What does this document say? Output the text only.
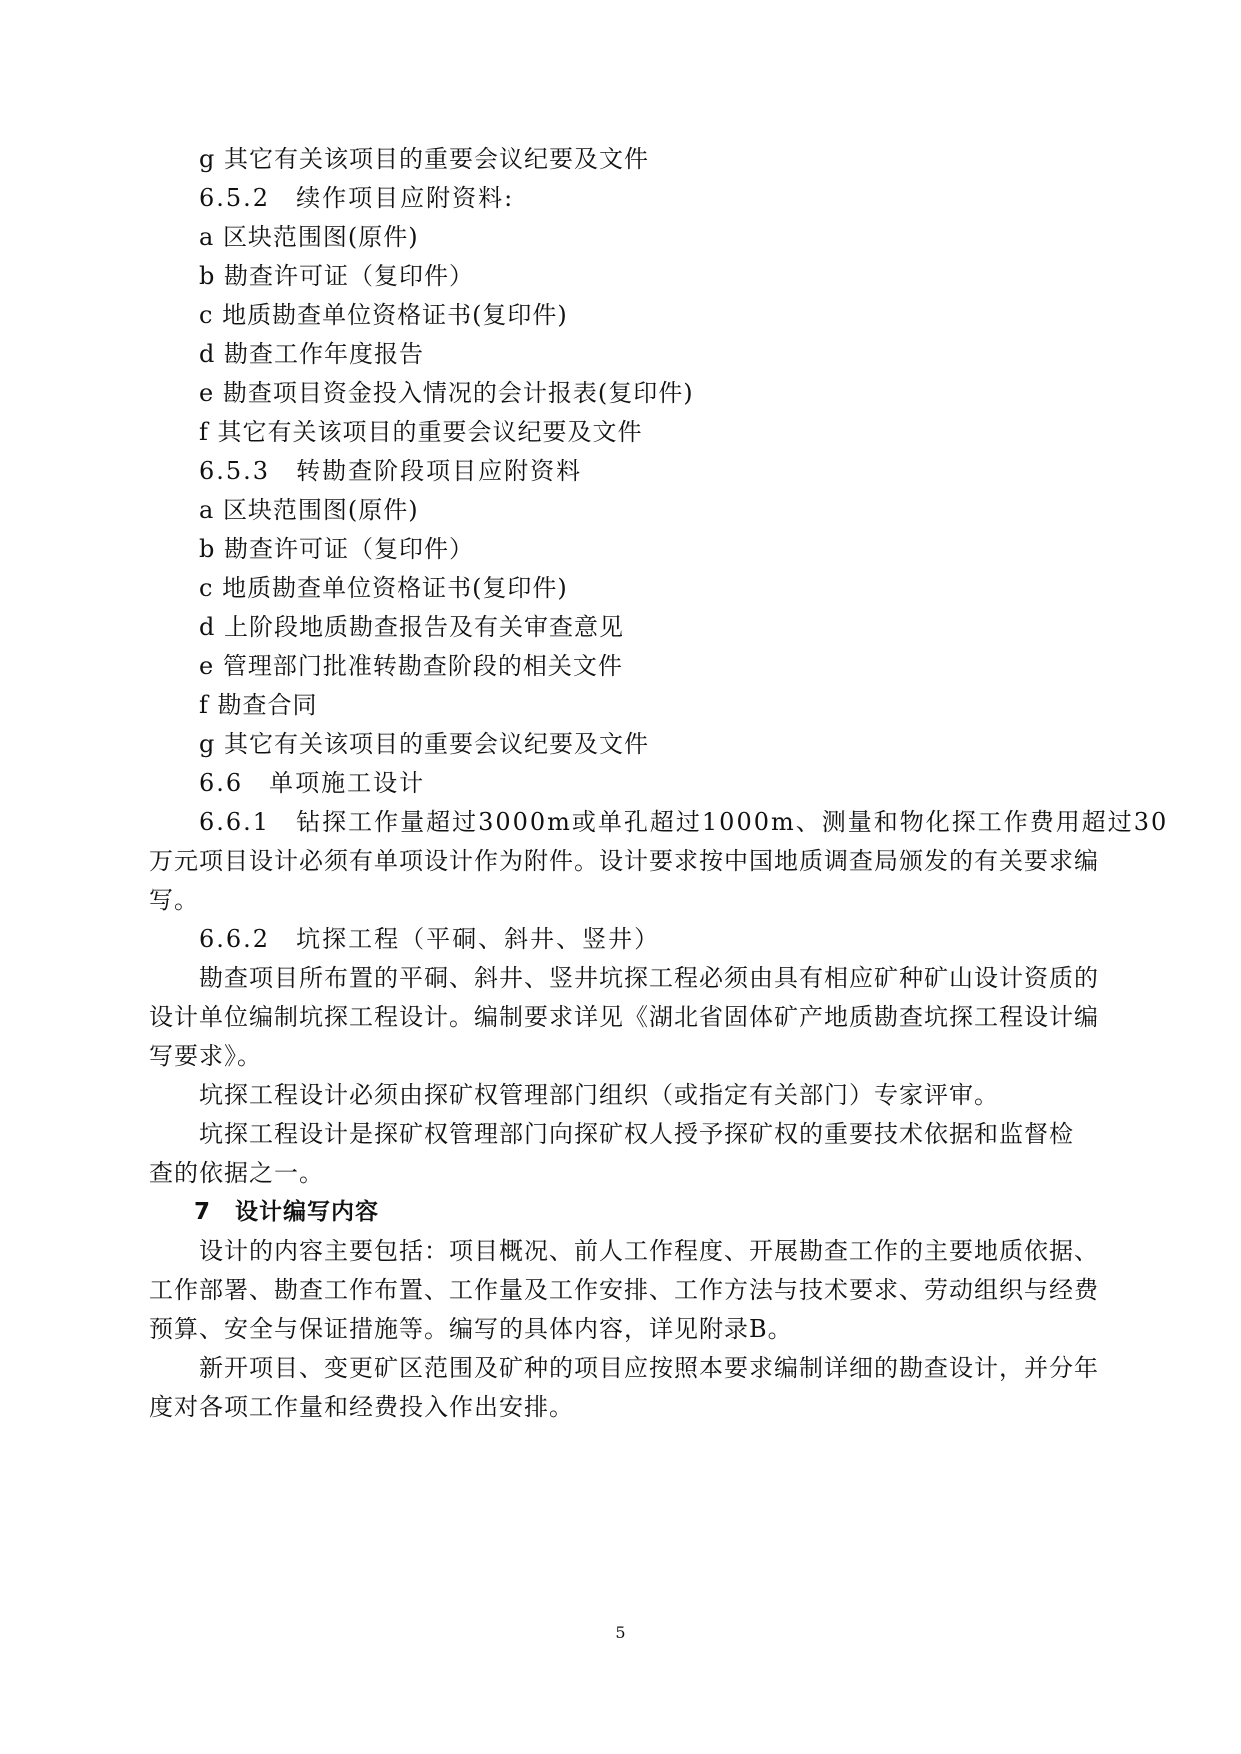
g 其它有关该项目的重要会议纪要及文件
6.5.2　续作项目应附资料:
a 区块范围图(原件)
b 勘查许可证（复印件）
c 地质勘查单位资格证书(复印件)
d 勘查工作年度报告
e 勘查项目资金投入情况的会计报表(复印件)
f 其它有关该项目的重要会议纪要及文件
6.5.3　转勘查阶段项目应附资料
a 区块范围图(原件)
b 勘查许可证（复印件）
c 地质勘查单位资格证书(复印件)
d 上阶段地质勘查报告及有关审查意见
e 管理部门批准转勘查阶段的相关文件
f 勘查合同
g 其它有关该项目的重要会议纪要及文件
6.6　单项施工设计
6.6.1　钻探工作量超过3000m或单孔超过1000m、测量和物化探工作费用超过30
万元项目设计必须有单项设计作为附件。设计要求按中国地质调查局颁发的有关要求编
写。
6.6.2　坑探工程（平硐、斜井、竖井）
勘查项目所布置的平硐、斜井、竖井坑探工程必须由具有相应矿种矿山设计资质的
设计单位编制坑探工程设计。编制要求详见《湖北省固体矿产地质勘查坑探工程设计编
写要求》。
坑探工程设计必须由探矿权管理部门组织（或指定有关部门）专家评审。
坑探工程设计是探矿权管理部门向探矿权人授予探矿权的重要技术依据和监督检
查的依据之一。
7　设计编写内容
设计的内容主要包括：项目概况、前人工作程度、开展勘查工作的主要地质依据、
工作部署、勘查工作布置、工作量及工作安排、工作方法与技术要求、劳动组织与经费
预算、安全与保证措施等。编写的具体内容，详见附录B。
新开项目、变更矿区范围及矿种的项目应按照本要求编制详细的勘查设计，并分年
度对各项工作量和经费投入作出安排。
5
